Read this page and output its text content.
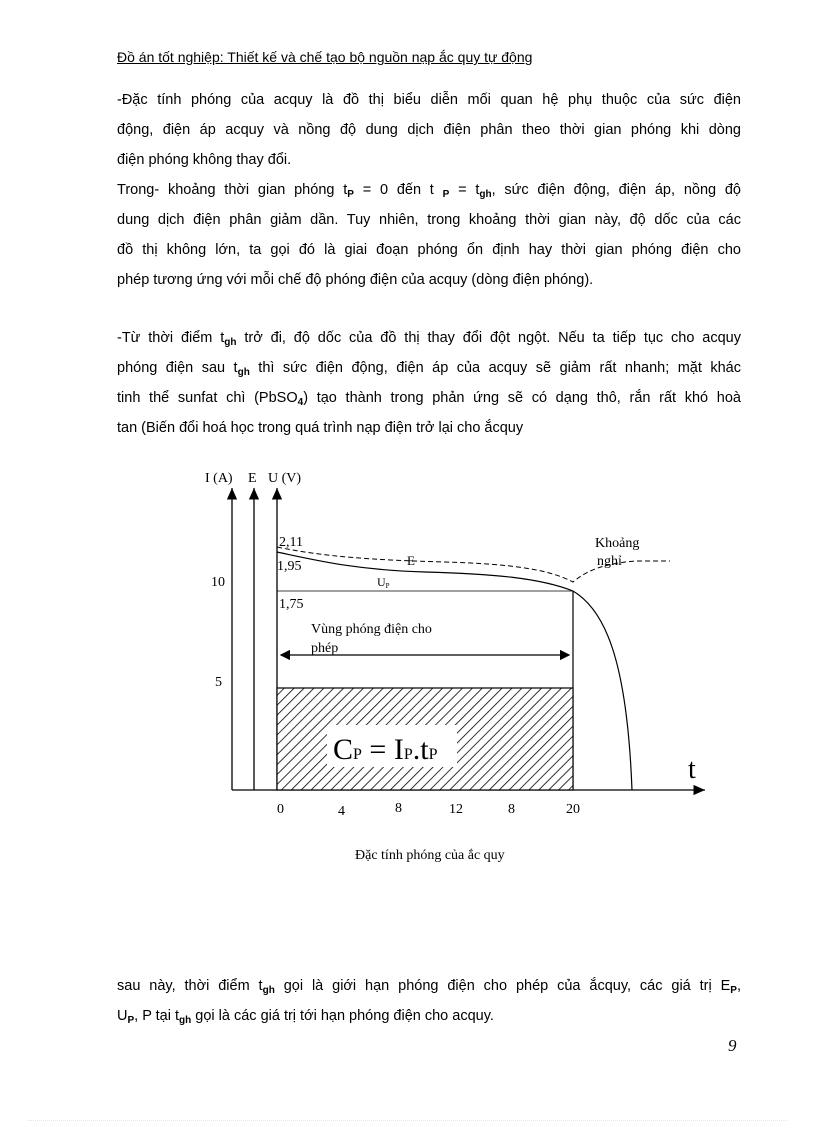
Đồ án tốt nghiệp: Thiết kế và chế tạo bộ nguồn nạp ắc quy tự động
-Đặc tính phóng của acquy là đồ thị biểu diễn mối quan hệ phụ thuộc của sức điện
động, điện áp acquy và nồng độ dung dịch điện phân theo thời gian phóng khi dòng
điện phóng không thay đổi.
Trong- khoảng thời gian phóng $t_P = 0$ đến t $_P = t_{gh}$, sức điện động, điện áp, nồng độ
dung dịch điện phân giảm dần. Tuy nhiên, trong khoảng thời gian này, độ dốc của các
đồ thị không lớn, ta gọi đó là giai đoạn phóng ổn định hay thời gian phóng điện cho
phép tương ứng với mỗi chế độ phóng điện của acquy (dòng điện phóng).
-Từ thời điểm $t_{gh}$ trở đi, độ dốc của đồ thị thay đổi đột ngột. Nếu ta tiếp tục cho acquy
phóng điện sau $t_{gh}$ thì sức điện động, điện áp của acquy sẽ giảm rất nhanh; mặt khác
tinh thể sunfat chì (PbSO$_4$) tạo thành trong phản ứng sẽ có dạng thô, rắn rất khó hoà
tan (Biến đổi hoá học trong quá trình nạp điện trở lại cho ắcquy
I (A) E U (V)
10
5
2,11
1,95
1,75
E
UP
Khoảng
nghỉ
Vùng phóng điện cho
phép
CP = IP.tP	t
0	4	8	12	8	20
Đặc tính phóng của ắc quy
sau này, thời điểm $t_{gh}$ gọi là giới hạn phóng điện cho phép của ắcquy, các giá trị $E_P$,
$U_P$, P tại $t_{gh}$ gọi là các giá trị tới hạn phóng điện cho acquy.
9
